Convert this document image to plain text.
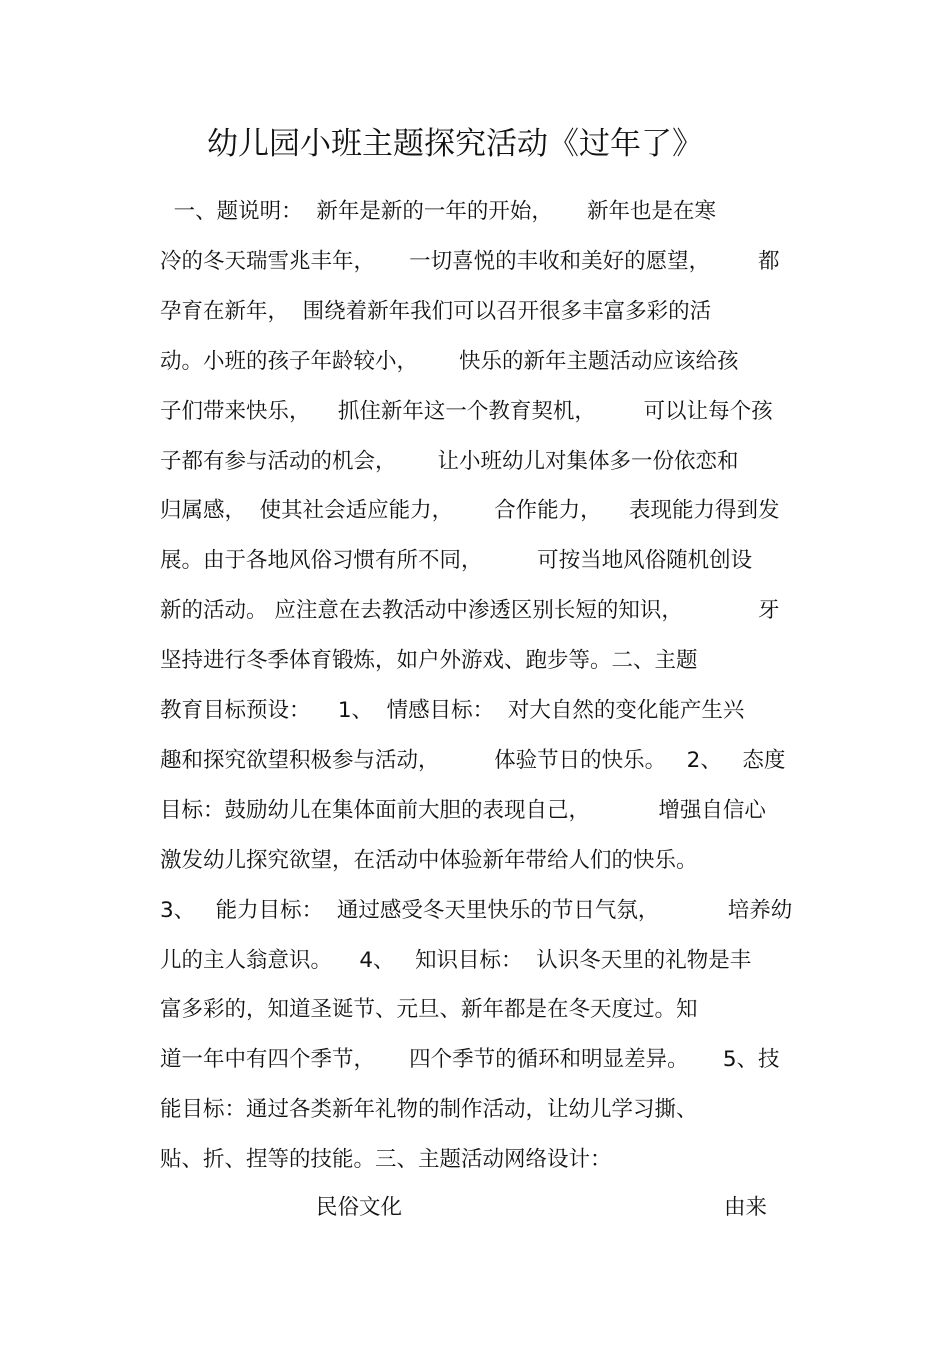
幼儿园小班主题探究活动《过年了》
一、题说明：  新年是新的一年的开始，     新年也是在寒
冷的冬天瑞雪兆丰年，     一切喜悦的丰收和美好的愿望，       都
孕育在新年，  围绕着新年我们可以召开很多丰富多彩的活
动。小班的孩子年龄较小，      快乐的新年主题活动应该给孩
子们带来快乐，    抓住新年这一个教育契机，       可以让每个孩
子都有参与活动的机会，      让小班幼儿对集体多一份依恋和
归属感，  使其社会适应能力，      合作能力，    表现能力得到发
展。由于各地风俗习惯有所不同，        可按当地风俗随机创设
新的活动。 应注意在去教活动中渗透区别长短的知识，           牙
坚持进行冬季体育锻炼，如户外游戏、跑步等。二、主题
教育目标预设：    1、  情感目标：  对大自然的变化能产生兴
趣和探究欲望积极参与活动，        体验节日的快乐。   2、   态度
目标：鼓励幼儿在集体面前大胆的表现自己，          增强自信心
激发幼儿探究欲望，在活动中体验新年带给人们的快乐。
3、   能力目标：  通过感受冬天里快乐的节日气氛，          培养幼
儿的主人翁意识。    4、   知识目标：  认识冬天里的礼物是丰
富多彩的，知道圣诞节、元旦、新年都是在冬天度过。知
道一年中有四个季节，     四个季节的循环和明显差异。     5、技
能目标：通过各类新年礼物的制作活动，让幼儿学习撕、
贴、折、捏等的技能。三、主题活动网络设计：
民俗文化	由来
